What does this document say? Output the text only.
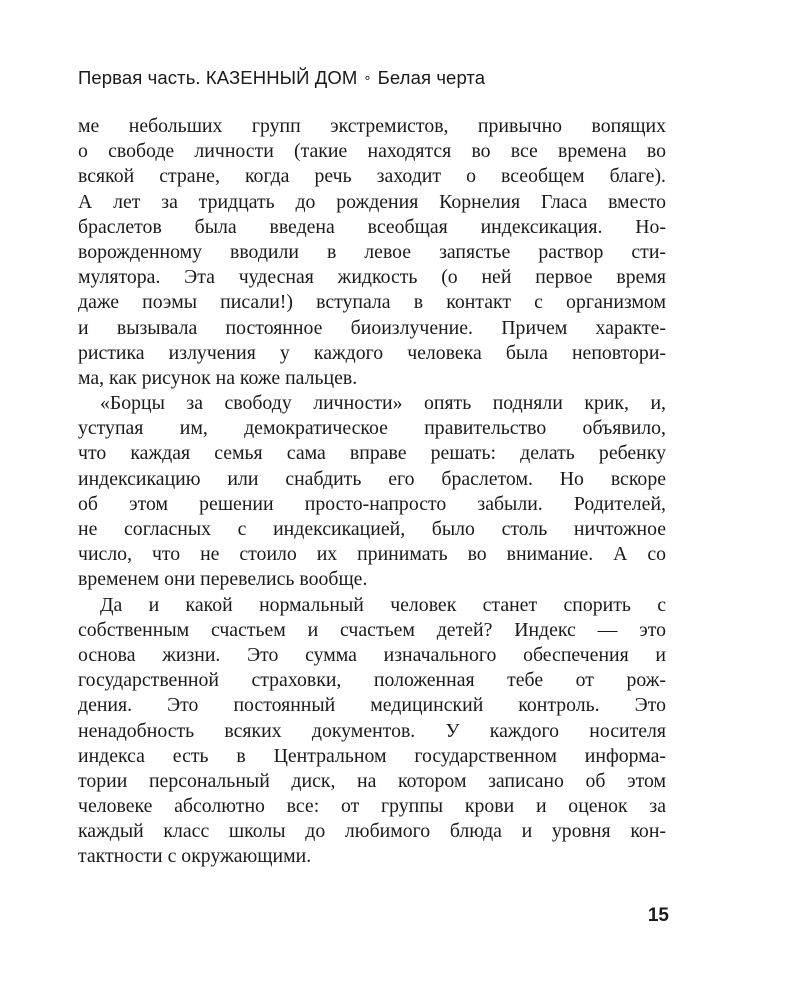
Первая часть. КАЗЕННЫЙ ДОМ ∘ Белая черта
ме небольших групп экстремистов, привычно вопящих
о свободе личности (такие находятся во все времена во
всякой стране, когда речь заходит о всеобщем благе).
А лет за тридцать до рождения Корнелия Гласа вместо
браслетов была введена всеобщая индексикация. Но-
ворожденному вводили в левое запястье раствор сти-
мулятора. Эта чудесная жидкость (о ней первое время
даже поэмы писали!) вступала в контакт с организмом
и вызывала постоянное биоизлучение. Причем характе-
ристика излучения у каждого человека была неповтори-
ма, как рисунок на коже пальцев.
«Борцы за свободу личности» опять подняли крик, и,
уступая им, демократическое правительство объявило,
что каждая семья сама вправе решать: делать ребенку
индексикацию или снабдить его браслетом. Но вскоре
об этом решении просто-напросто забыли. Родителей,
не согласных с индексикацией, было столь ничтожное
число, что не стоило их принимать во внимание. А со
временем они перевелись вообще.
Да и какой нормальный человек станет спорить с
собственным счастьем и счастьем детей? Индекс — это
основа жизни. Это сумма изначального обеспечения и
государственной страховки, положенная тебе от рож-
дения. Это постоянный медицинский контроль. Это
ненадобность всяких документов. У каждого носителя
индекса есть в Центральном государственном информа-
тории персональный диск, на котором записано об этом
человеке абсолютно все: от группы крови и оценок за
каждый класс школы до любимого блюда и уровня кон-
тактности с окружающими.
15
